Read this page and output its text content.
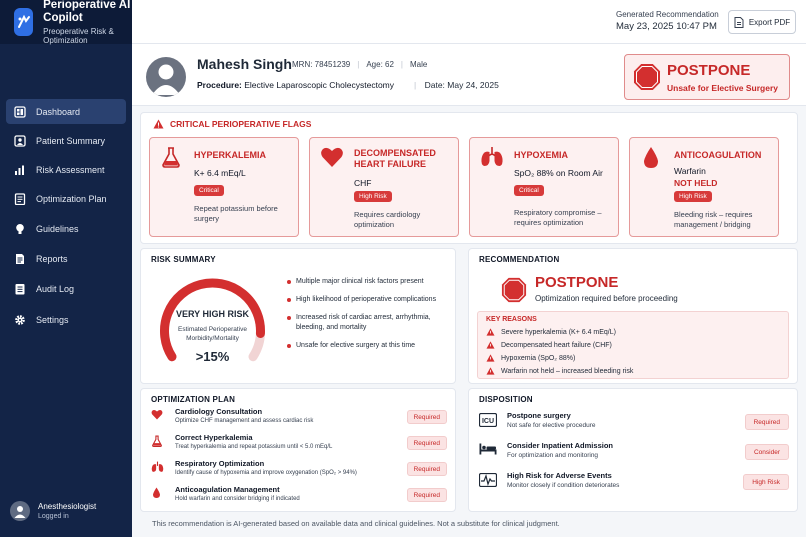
Perioperative AI Copilot
Preoperative Risk & Optimization
Dashboard
Patient Summary
Risk Assessment
Optimization Plan
Guidelines
Reports
Audit Log
Settings
Anesthesiologist
Logged in
Generated Recommendation
May 23, 2025 10:47 PM	Export PDF
Mahesh Singh MRN: 78451239 | Age: 62 | Male
Procedure: Elective Laparoscopic Cholecystectomy | Date: May 24, 2025
POSTPONE
Unsafe for Elective Surgery
CRITICAL PERIOPERATIVE FLAGS
HYPERKALEMIA
K+ 6.4 mEq/L
Critical
Repeat potassium before surgery
DECOMPENSATED HEART FAILURE
CHF
High Risk
Requires cardiology optimization
HYPOXEMIA
SpO₂ 88% on Room Air
Critical
Respiratory compromise – requires optimization
ANTICOAGULATION
Warfarin
NOT HELD
High Risk
Bleeding risk – requires management / bridging
RISK SUMMARY
VERY HIGH RISK
Estimated Perioperative Morbidity/Mortality
>15%
Multiple major clinical risk factors present
High likelihood of perioperative complications
Increased risk of cardiac arrest, arrhythmia, bleeding, and mortality
Unsafe for elective surgery at this time
RECOMMENDATION
POSTPONE
Optimization required before proceeding
KEY REASONS
Severe hyperkalemia (K+ 6.4 mEq/L)
Decompensated heart failure (CHF)
Hypoxemia (SpO₂ 88%)
Warfarin not held – increased bleeding risk
OPTIMIZATION PLAN
Cardiology Consultation
Optimize CHF management and assess cardiac risk	Required
Correct Hyperkalemia
Treat hyperkalemia and repeat potassium until < 5.0 mEq/L	Required
Respiratory Optimization
Identify cause of hypoxemia and improve oxygenation (SpO₂ > 94%)	Required
Anticoagulation Management
Hold warfarin and consider bridging if indicated	Required
DISPOSITION
ICU
Postpone surgery
Not safe for elective procedure	Required
Consider Inpatient Admission
For optimization and monitoring	Consider
High Risk for Adverse Events
Monitor closely if condition deteriorates	High Risk
This recommendation is AI-generated based on available data and clinical guidelines. Not a substitute for clinical judgment.
